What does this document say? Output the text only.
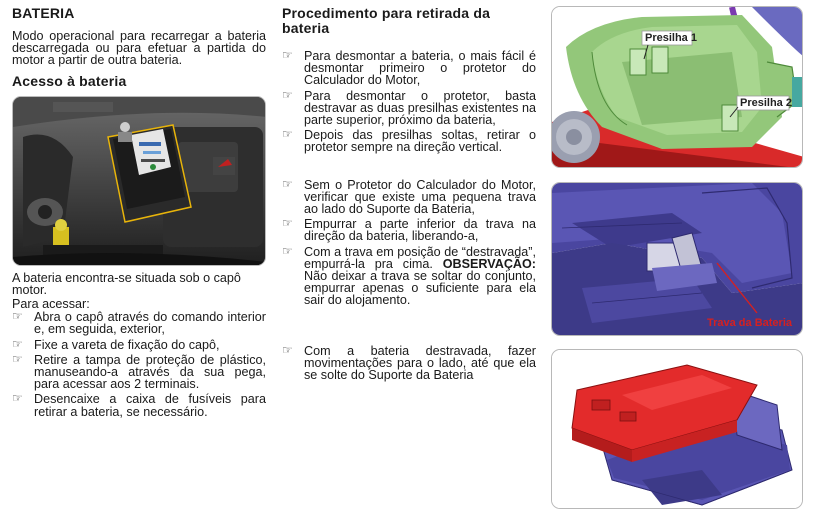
BATERIA

Modo operacional para recarregar a bateria descarregada ou para efetuar a partida do motor a partir de outra bateria.

Acesso à bateria

A bateria encontra-se situada sob o capô motor.

Para acessar:

☞ Abra o capô através do comando interior e, em seguida, exterior,
☞ Fixe a vareta de fixação do capô,
☞ Retire a tampa de proteção de plástico, manuseando-a através da sua pega, para acessar aos 2 terminais.
☞ Desencaixe a caixa de fusíveis para retirar a bateria, se necessário.
Procedimento para retirada da bateria
☞ Para desmontar a bateria, o mais fácil é desmontar primeiro o protetor do Calculador do Motor,
☞ Para desmontar o protetor, basta destravar as duas presilhas existentes na parte superior, próximo da bateria,
☞ Depois das presilhas soltas, retirar o protetor sempre na direção vertical.
☞ Sem o Protetor do Calculador do Motor, verificar que existe uma pequena trava ao lado do Suporte da Bateria,
☞ Empurrar a parte inferior da trava na direção da bateria, liberando-a,
☞ Com a trava em posição de “destravada”, empurrá-la pra cima. OBSERVAÇÃO: Não deixar a trava se soltar do conjunto, empurrar apenas o suficiente para ela sair do alojamento.
☞ Com a bateria destravada, fazer movimentações para o lado, até que ela se solte do Suporte da Bateria
Presilha 1
Presilha 2
Trava da Bateria
